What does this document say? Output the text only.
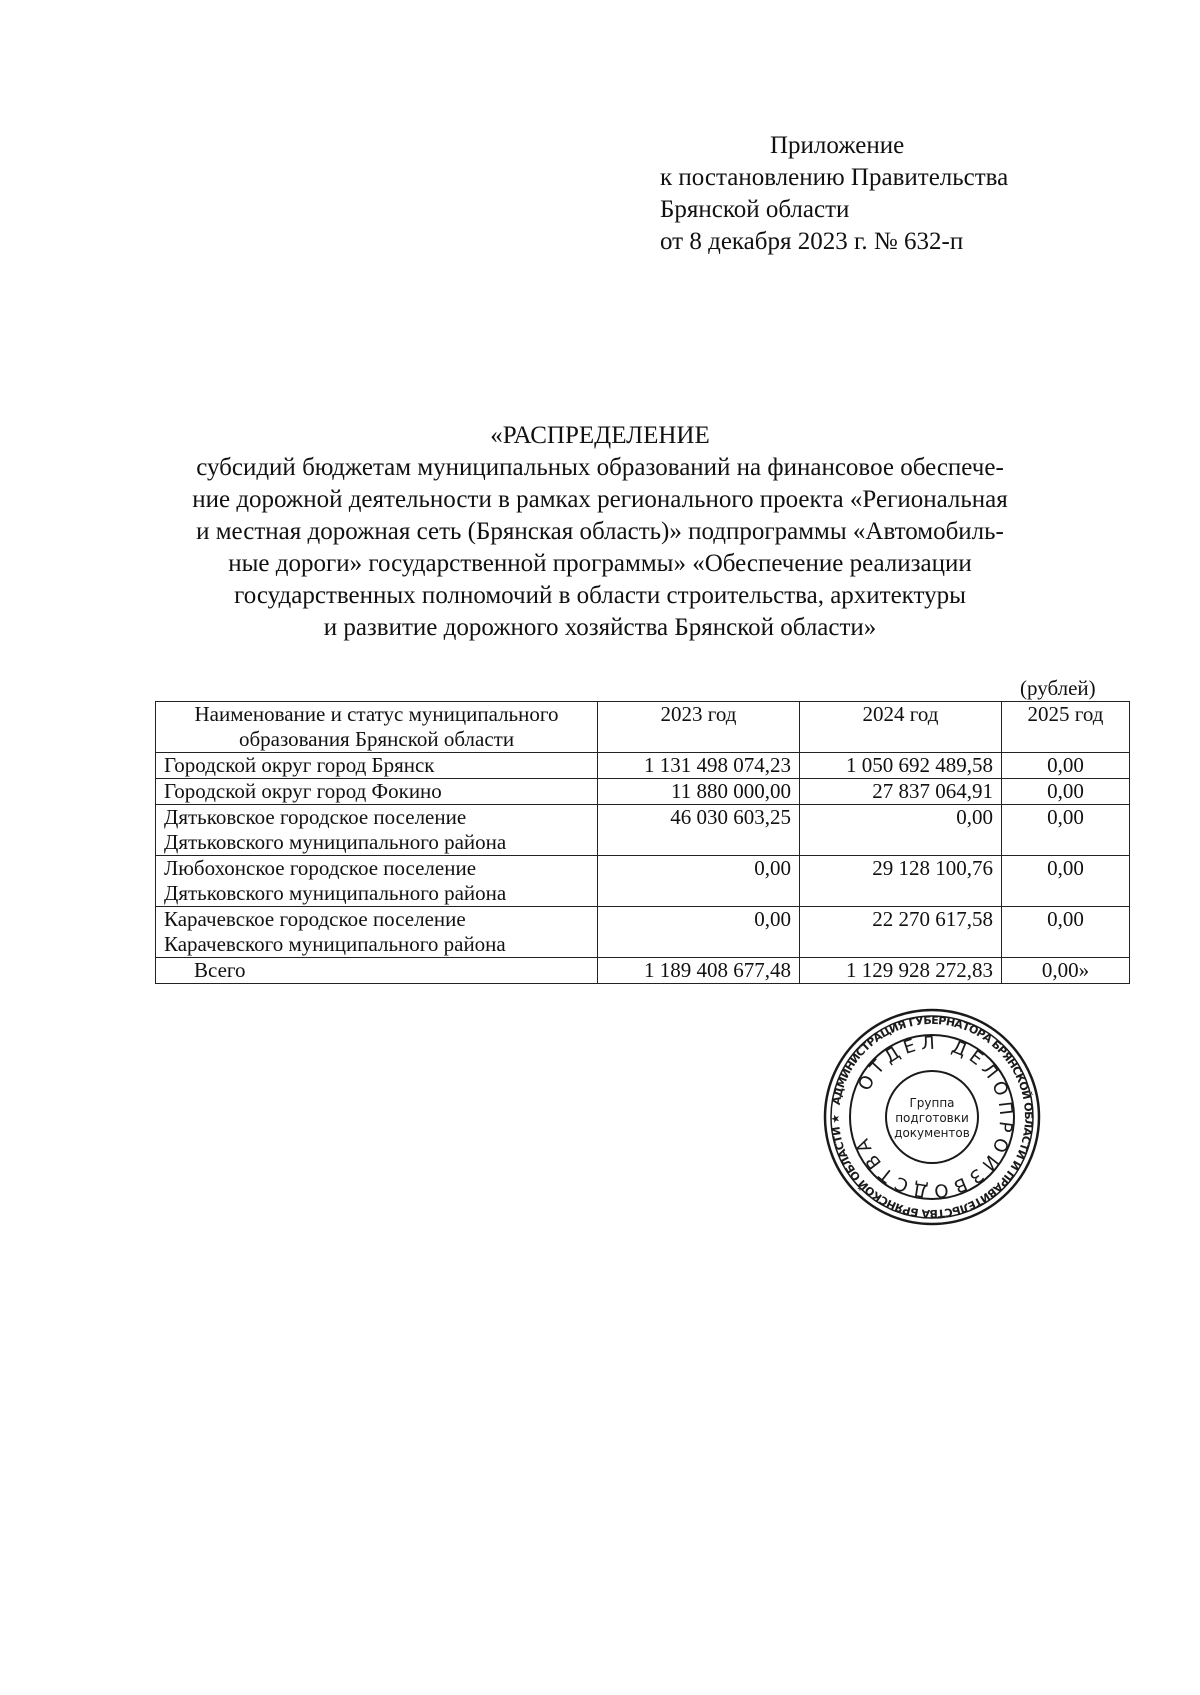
Приложение
к постановлению Правительства
Брянской области
от 8 декабря 2023 г. № 632-п
«РАСПРЕДЕЛЕНИЕ
субсидий бюджетам муниципальных образований на финансовое обеспече-
ние дорожной деятельности в рамках регионального проекта «Региональная
и местная дорожная сеть (Брянская область)» подпрограммы «Автомобиль-
ные дороги» государственной программы» «Обеспечение реализации
государственных полномочий в области строительства, архитектуры
и развитие дорожного хозяйства Брянской области»
(рублей)
Наименование и статус муниципального
образования Брянской области	2023 год	2024 год	2025 год
Городской округ город Брянск	1 131 498 074,23	1 050 692 489,58	0,00
Городской округ город Фокино	11 880 000,00	27 837 064,91	0,00

Дятьковское городское поселение
Дятьковского муниципального района	46 030 603,25	0,00	0,00

Любохонское городское поселение
Дятьковского муниципального района	0,00	29 128 100,76	0,00

Карачевское городское поселение
Карачевского муниципального района	0,00	22 270 617,58	0,00
Всего	1 189 408 677,48	1 129 928 272,83	0,00»
АДМИНИСТРАЦИЯ ГУБЕРНАТОРА БРЯНСКОЙ ОБЛАСТИ И ПРАВИТЕЛЬСТВА БРЯНСКОЙ ОБЛАСТИ ★
ОТДЕЛ ДЕЛОПРОИЗВОДСТВА
Группа
подготовки
документов
